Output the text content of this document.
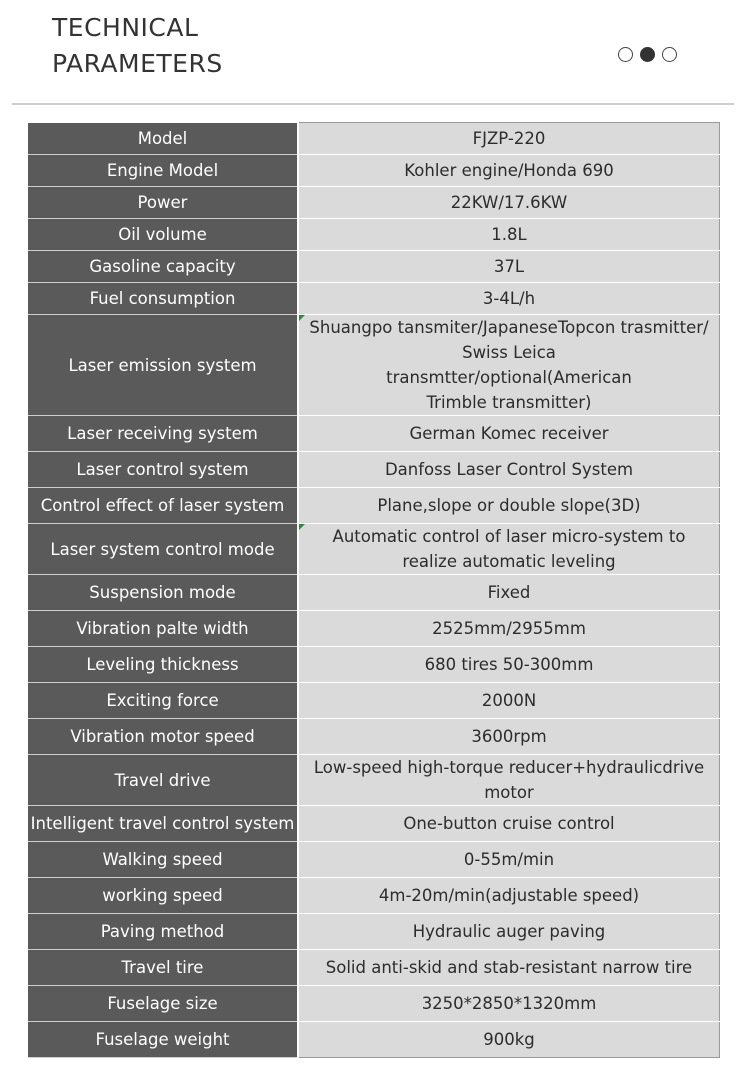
TECHNICAL
PARAMETERS
Model	FJZP-220
Engine Model	Kohler engine/Honda 690
Power	22KW/17.6KW
Oil volume	1.8L
Gasoline capacity	37L
Fuel consumption	3-4L/h
Laser emission system	Shuangpo tansmiter/JapaneseTopcon trasmitter/
Swiss Leica
transmtter/optional(American
Trimble transmitter)

Laser receiving system	German Komec receiver
Laser control system	Danfoss Laser Control System
Control effect of laser system	Plane,slope or double slope(3D)
Laser system control mode	Automatic control of laser micro-system to
realize automatic leveling

Suspension mode	Fixed
Vibration palte width	2525mm/2955mm
Leveling thickness	680 tires 50-300mm
Exciting force	2000N
Vibration motor speed	3600rpm
Travel drive	Low-speed high-torque reducer+hydraulicdrive motor
Intelligent travel control system	One-button cruise control
Walking speed	0-55m/min
working speed	4m-20m/min(adjustable speed)
Paving method	Hydraulic auger paving
Travel tire	Solid anti-skid and stab-resistant narrow tire
Fuselage size	3250*2850*1320mm
Fuselage weight	900kg
